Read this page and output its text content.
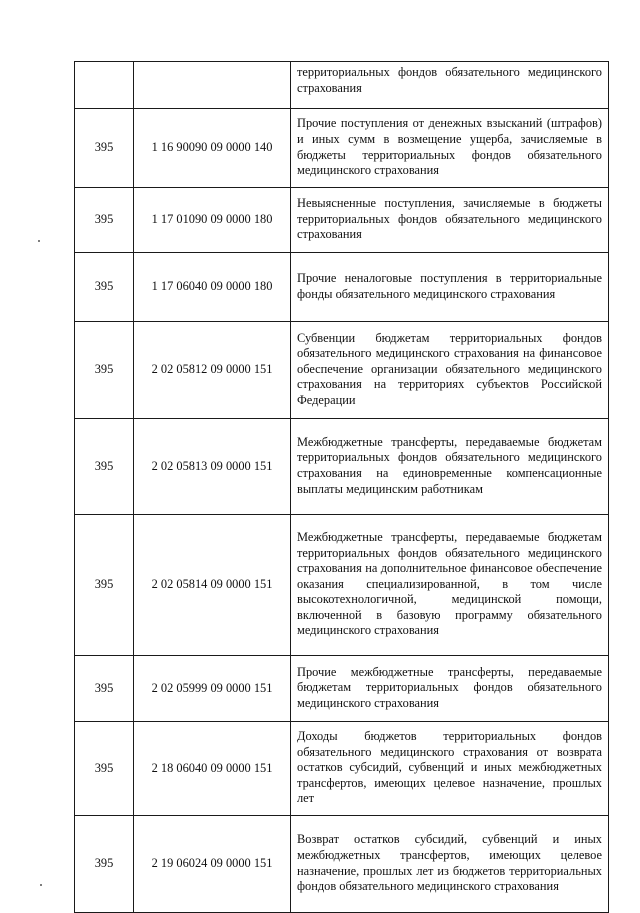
		территориальных фондов обязательного медицинского страхования
395	1 16 90090 09 0000 140	Прочие поступления от денежных взысканий (штрафов) и иных сумм в возмещение ущерба, зачисляемые в бюджеты территориальных фондов обязательного медицинского страхования
395	1 17 01090 09 0000 180	Невыясненные поступления, зачисляемые в бюджеты территориальных фондов обязательного медицинского страхования
395	1 17 06040 09 0000 180	Прочие неналоговые поступления в территориальные фонды обязательного медицинского страхования
395	2 02 05812 09 0000 151	Субвенции бюджетам территориальных фондов обязательного медицинского страхования на финансовое обеспечение организации обязательного медицинского страхования на территориях субъектов Российской Федерации
395	2 02 05813 09 0000 151	Межбюджетные трансферты, передаваемые бюджетам территориальных фондов обязательного медицинского страхования на единовременные компенсационные выплаты медицинским работникам
395	2 02 05814 09 0000 151	Межбюджетные трансферты, передаваемые бюджетам территориальных фондов обязательного медицинского страхования на дополнительное финансовое обеспечение оказания специализированной, в том числе высокотехнологичной, медицинской помощи, включенной в базовую программу обязательного медицинского страхования
395	2 02 05999 09 0000 151	Прочие межбюджетные трансферты, передаваемые бюджетам территориальных фондов обязательного медицинского страхования
395	2 18 06040 09 0000 151	Доходы бюджетов территориальных фондов обязательного медицинского страхования от возврата остатков субсидий, субвенций и иных межбюджетных трансфертов, имеющих целевое назначение, прошлых лет
395	2 19 06024 09 0000 151	Возврат остатков субсидий, субвенций и иных межбюджетных трансфертов, имеющих целевое назначение, прошлых лет из бюджетов территориальных фондов обязательного медицинского страхования
